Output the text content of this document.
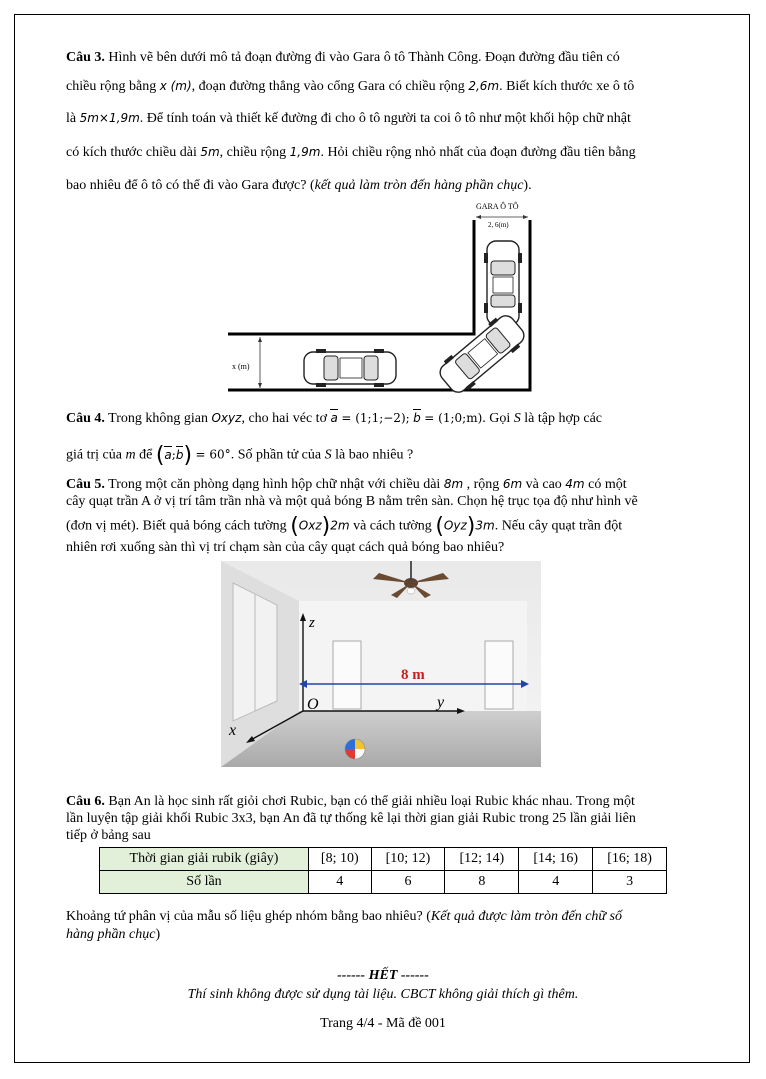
Câu 3. Hình vẽ bên dưới mô tả đoạn đường đi vào Gara ô tô Thành Công. Đoạn đường đầu tiên có
chiều rộng bằng x (m), đoạn đường thẳng vào cổng Gara có chiều rộng 2,6m. Biết kích thước xe ô tô
là 5m×1,9m. Để tính toán và thiết kế đường đi cho ô tô người ta coi ô tô như một khối hộp chữ nhật
có kích thước chiều dài 5m, chiều rộng 1,9m. Hỏi chiều rộng nhỏ nhất của đoạn đường đầu tiên bằng
bao nhiêu để ô tô có thể đi vào Gara được? (kết quả làm tròn đến hàng phần chục).
GARA Ô TÔ
2, 6(m)
x (m)
Câu 4. Trong không gian Oxyz, cho hai véc tơ a = (1;1;−2); b = (1;0;m). Gọi S là tập hợp các
giá trị của m để (a;b) = 60°. Số phần tử của S là bao nhiêu ?
Câu 5. Trong một căn phòng dạng hình hộp chữ nhật với chiều dài 8m , rộng 6m và cao 4m có một
cây quạt trần A ở vị trí tâm trần nhà và một quả bóng B nằm trên sàn. Chọn hệ trục tọa độ như hình vẽ
(đơn vị mét). Biết quả bóng cách tường (Oxz)2m và cách tường (Oyz)3m. Nếu cây quạt trần đột
nhiên rơi xuống sàn thì vị trí chạm sàn của cây quạt cách quả bóng bao nhiêu?
8 m
z
O	y
x
Câu 6. Bạn An là học sinh rất giỏi chơi Rubic, bạn có thể giải nhiều loại Rubic khác nhau. Trong một
lần luyện tập giải khối Rubic 3x3, bạn An đã tự thống kê lại thời gian giải Rubic trong 25 lần giải liên
tiếp ở bảng sau
Thời gian giải rubik (giây)	[8; 10)	[10; 12)	[12; 14)	[14; 16)	[16; 18)
Số lần	4	6	8	4	3
Khoảng tứ phân vị của mẫu số liệu ghép nhóm bằng bao nhiêu? (Kết quả được làm tròn đến chữ số
hàng phần chục)
------ HẾT ------
Thí sinh không được sử dụng tài liệu. CBCT không giải thích gì thêm.
Trang 4/4 - Mã đề 001
